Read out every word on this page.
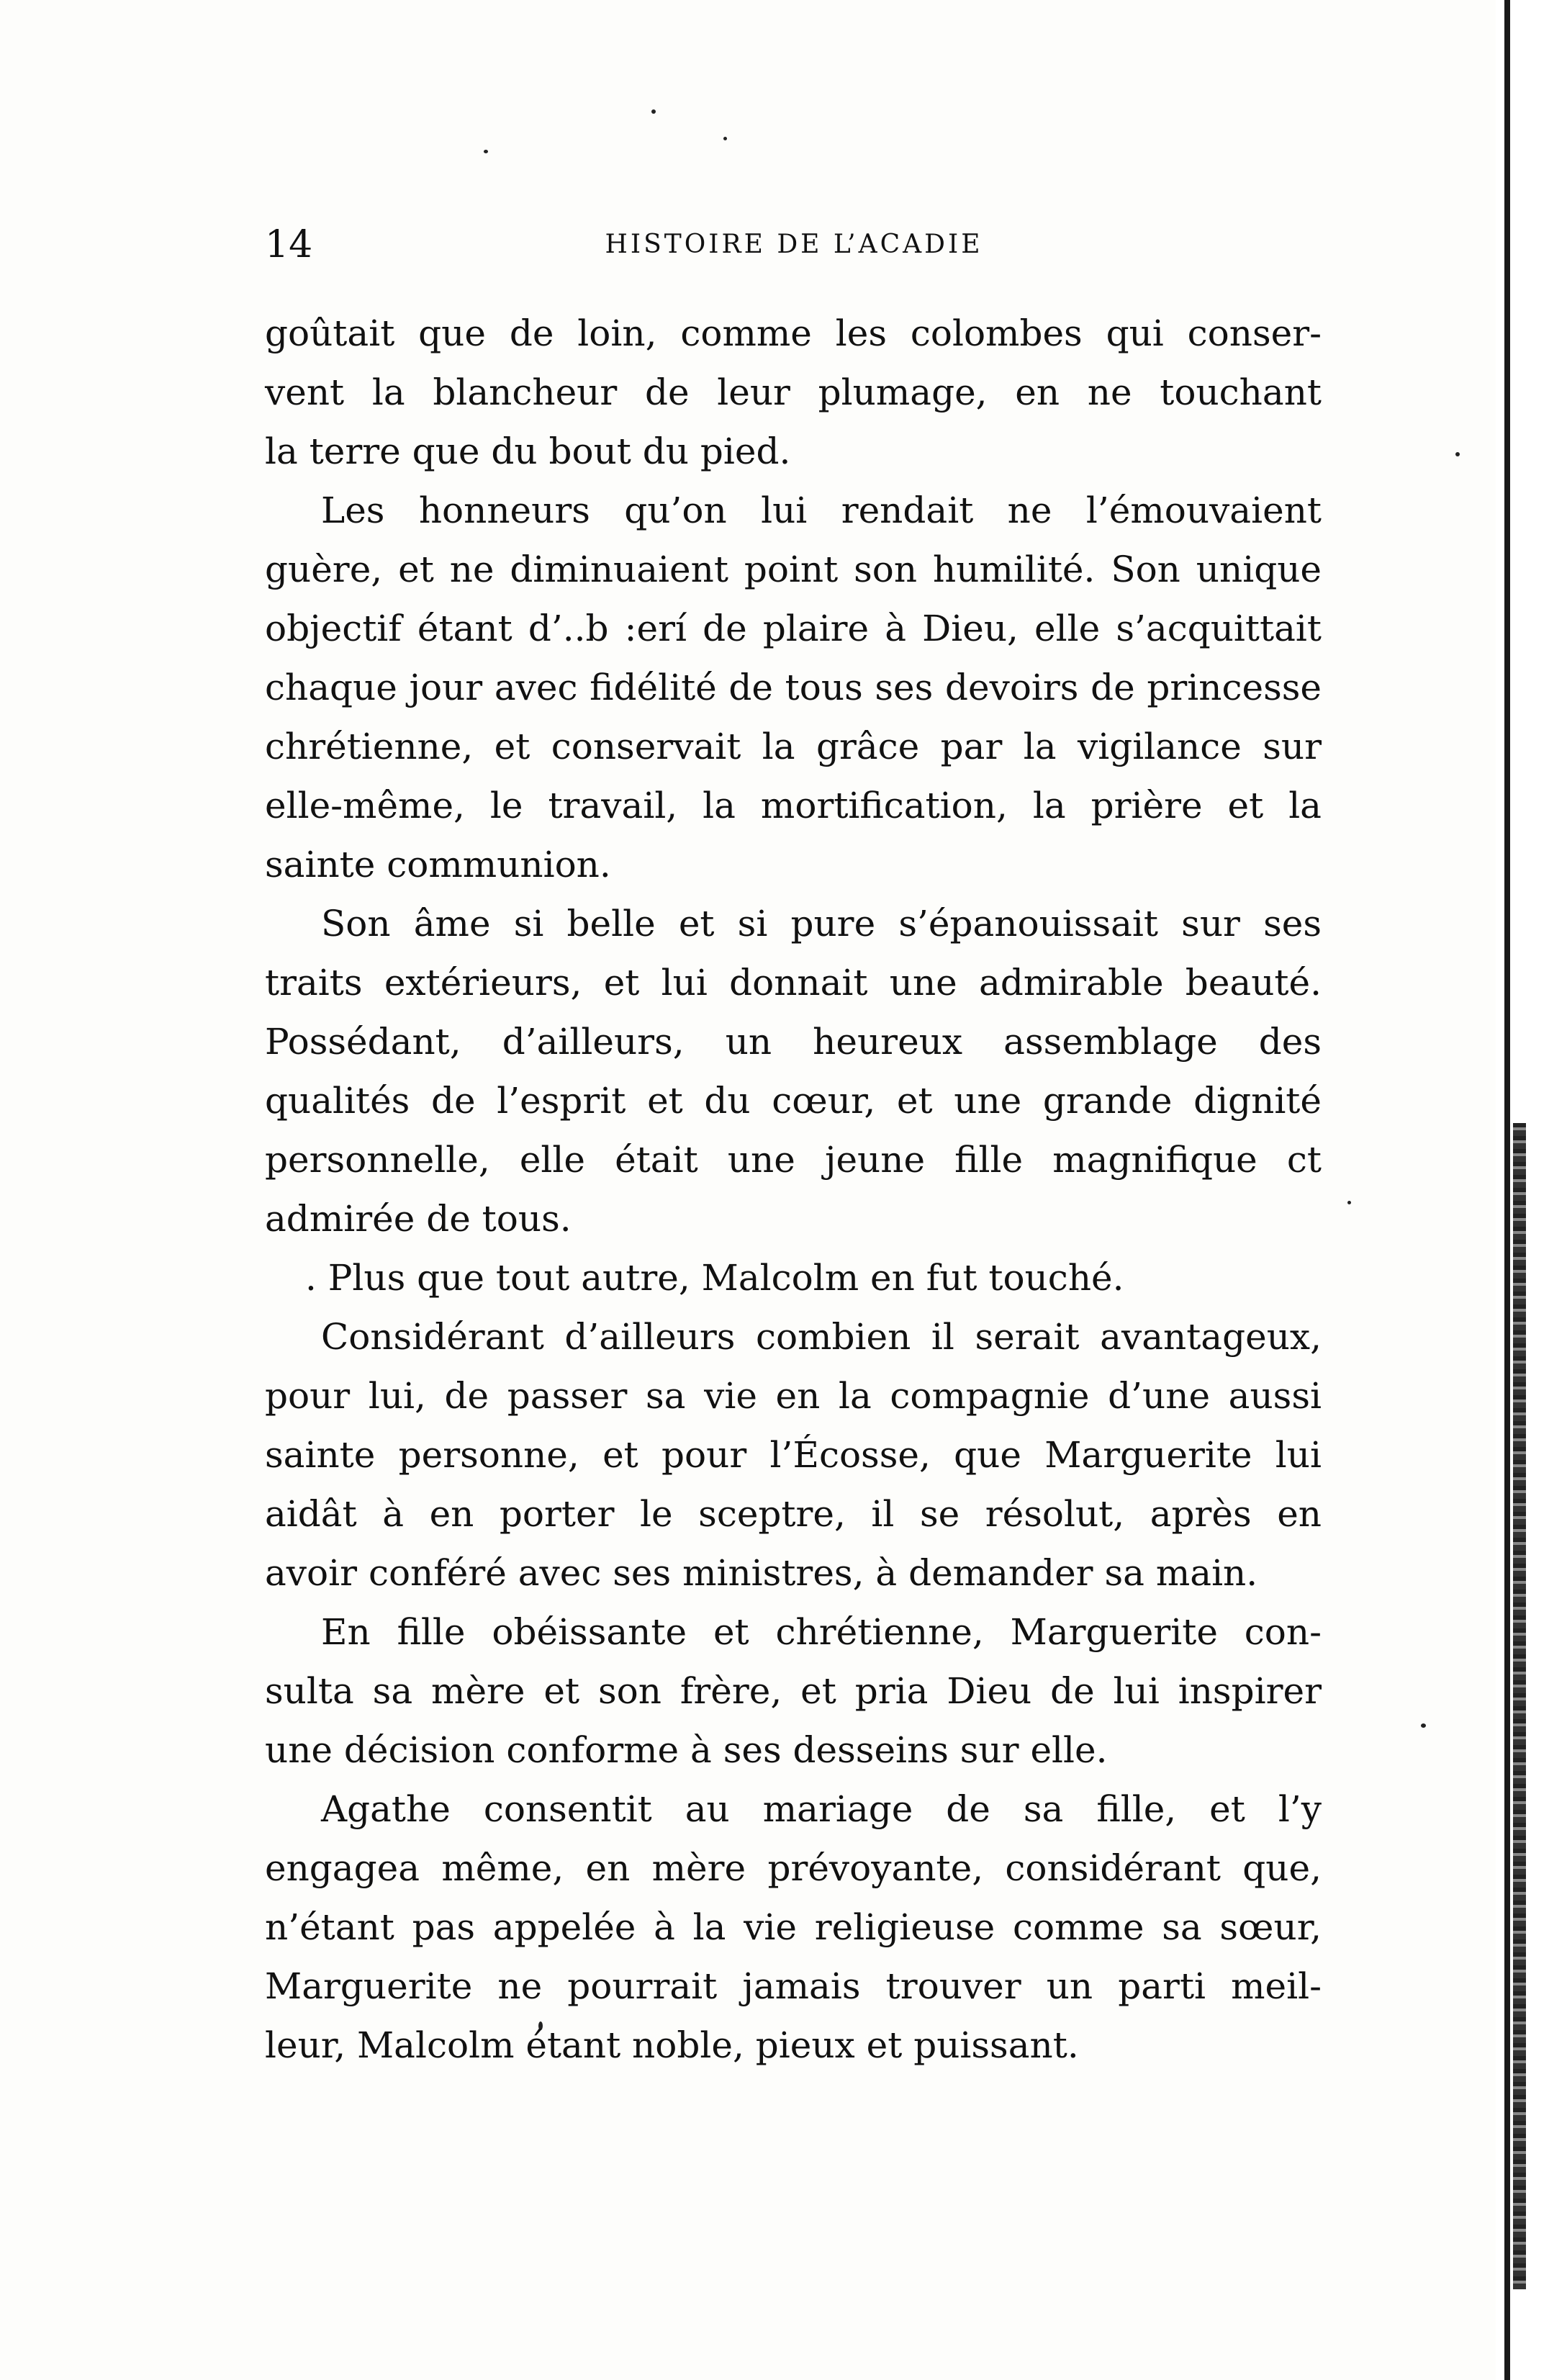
14	HISTOIRE DE L’ACADIE

goûtait que de loin, comme les colombes qui conser-

vent la blancheur de leur plumage, en ne touchant

la terre que du bout du pied.

Les honneurs qu’on lui rendait ne l’émouvaient

guère, et ne diminuaient point son humilité. Son unique

objectif étant d’..b :erí de plaire à Dieu, elle s’acquittait

chaque jour avec fidélité de tous ses devoirs de princesse

chrétienne, et conservait la grâce par la vigilance sur

elle-même, le travail, la mortification, la prière et la

sainte communion.

Son âme si belle et si pure s’épanouissait sur ses

traits extérieurs, et lui donnait une admirable beauté.

Possédant, d’ailleurs, un heureux assemblage des

qualités de l’esprit et du cœur, et une grande dignité

personnelle, elle était une jeune fille magnifique ct

admirée de tous.

. Plus que tout autre, Malcolm en fut touché.

Considérant d’ailleurs combien il serait avantageux,

pour lui, de passer sa vie en la compagnie d’une aussi

sainte personne, et pour l’Écosse, que Marguerite lui

aidât à en porter le sceptre, il se résolut, après en

avoir conféré avec ses ministres, à demander sa main.

En fille obéissante et chrétienne, Marguerite con-

sulta sa mère et son frère, et pria Dieu de lui inspirer

une décision conforme à ses desseins sur elle.

Agathe consentit au mariage de sa fille, et l’y

engagea même, en mère prévoyante, considérant que,

n’étant pas appelée à la vie religieuse comme sa sœur,

Marguerite ne pourrait jamais trouver un parti meil-

leur, Malcolm étant noble, pieux et puissant.
